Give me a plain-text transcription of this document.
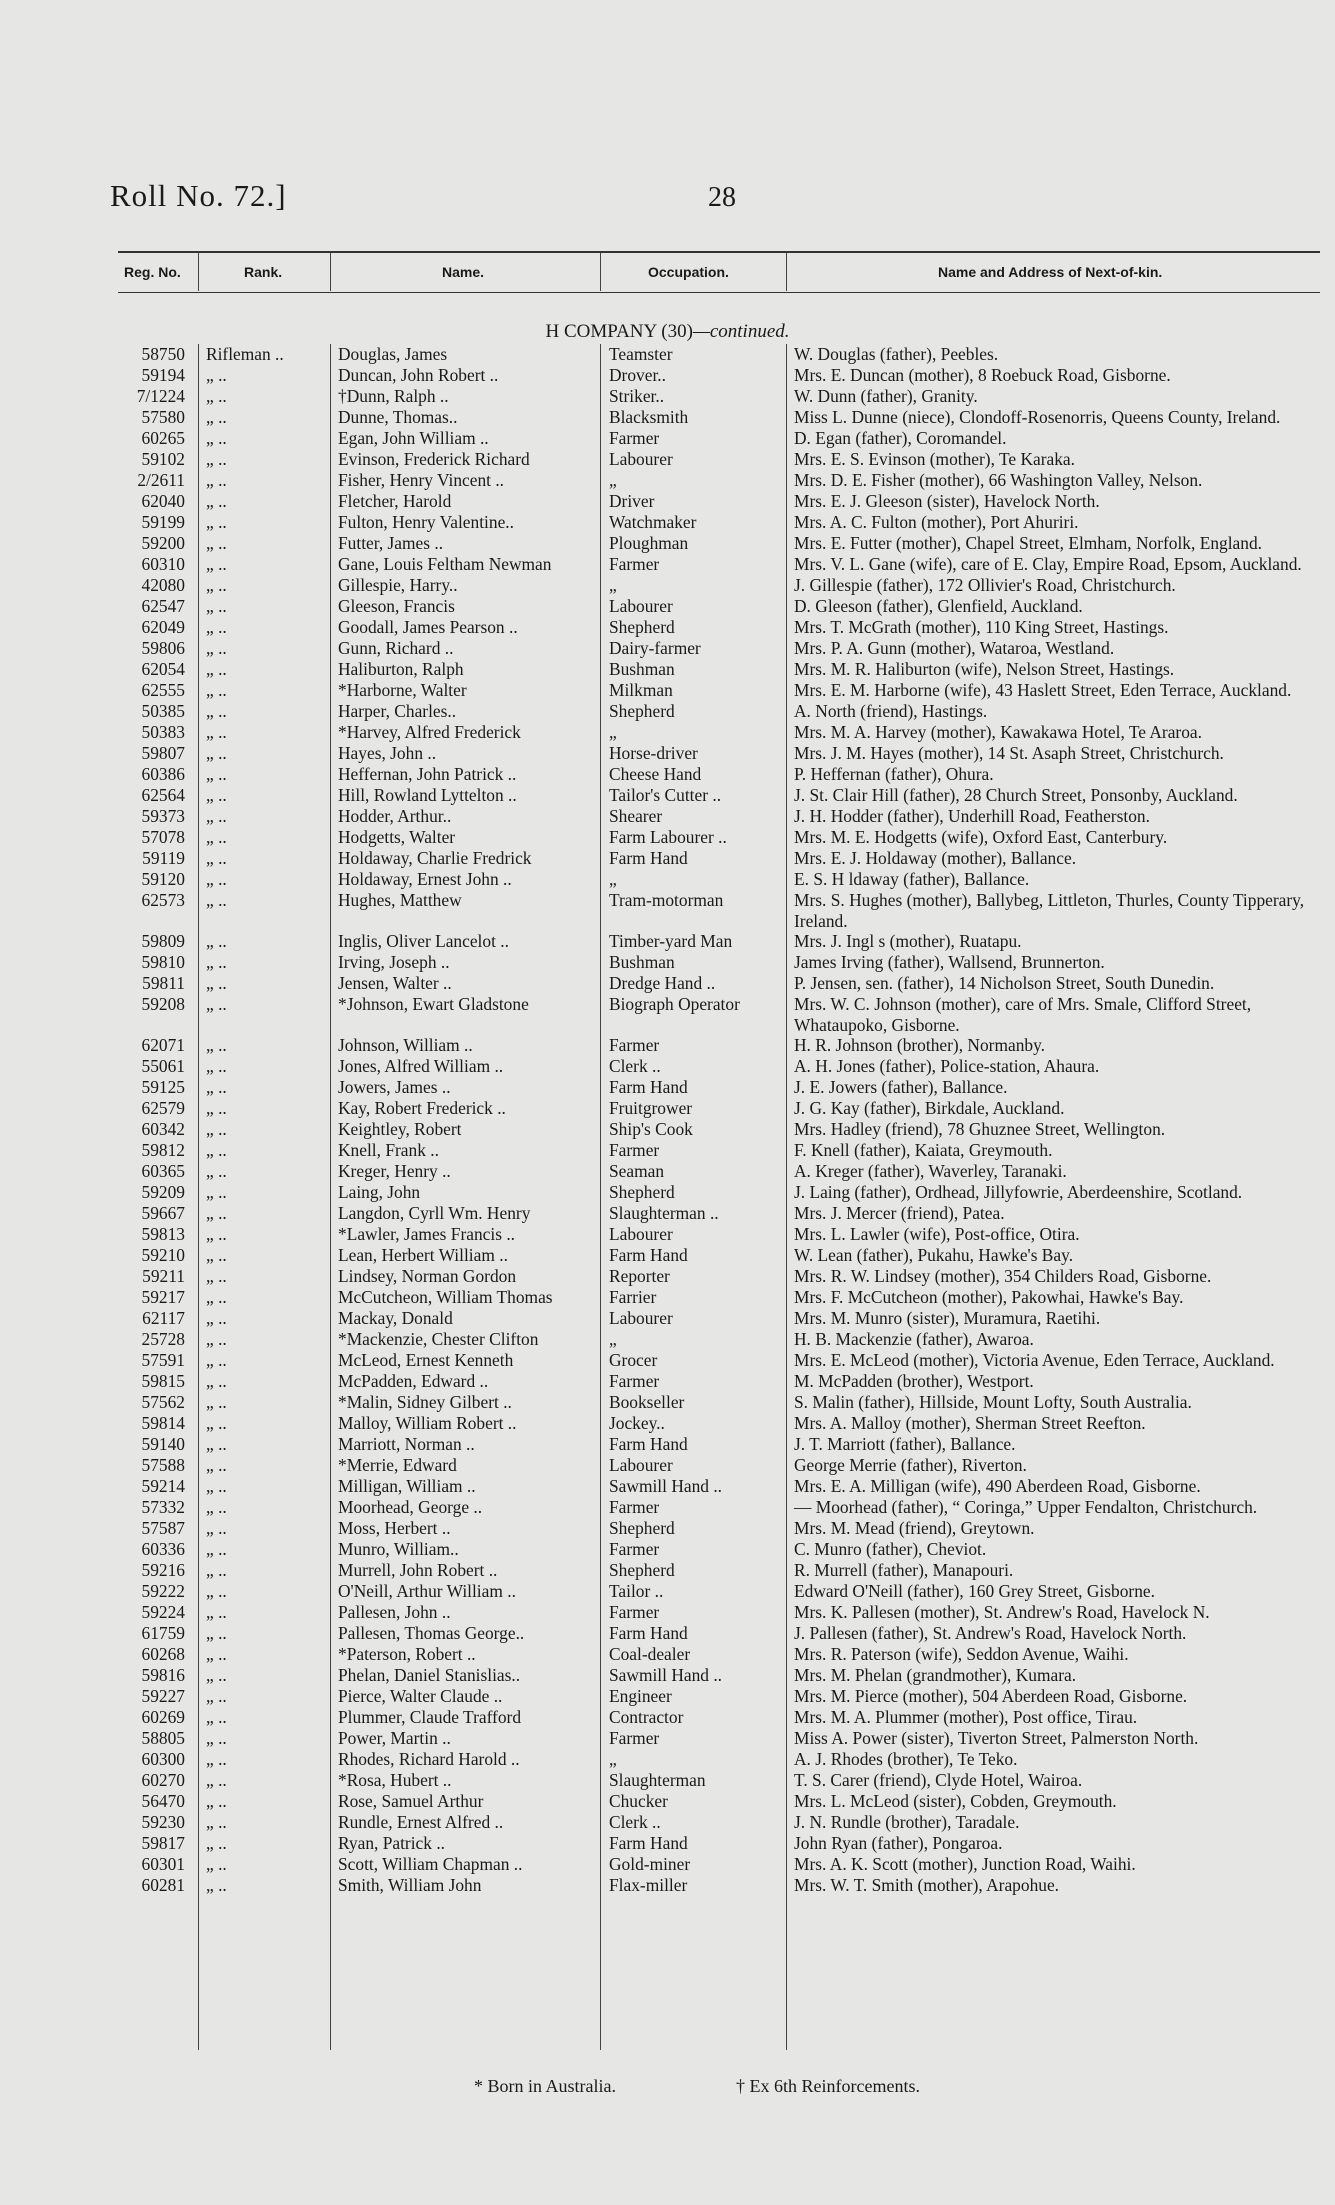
Roll No. 72.]	28
Reg. No.	Rank.	Name.	Occupation.	Name and Address of Next-of-kin.
H COMPANY (30)—continued.
58750 Rifleman ..	Douglas, James	Teamster	W. Douglas (father), Peebles.
59194 „ ..	Duncan, John Robert ..	Drover..	Mrs. E. Duncan (mother), 8 Roebuck Road, Gisborne.
7/1224 „ ..	†Dunn, Ralph ..	Striker..	W. Dunn (father), Granity.
57580 „ ..	Dunne, Thomas..	Blacksmith	Miss L. Dunne (niece), Clondoff-Rosenorris, Queens County, Ireland.
60265 „ ..	Egan, John William ..	Farmer	D. Egan (father), Coromandel.
59102 „ ..	Evinson, Frederick Richard	Labourer	Mrs. E. S. Evinson (mother), Te Karaka.
2/2611 „ ..	Fisher, Henry Vincent ..	„	Mrs. D. E. Fisher (mother), 66 Washington Valley, Nelson.
62040 „ ..	Fletcher, Harold	Driver	Mrs. E. J. Gleeson (sister), Havelock North.
59199 „ ..	Fulton, Henry Valentine..	Watchmaker	Mrs. A. C. Fulton (mother), Port Ahuriri.
59200 „ ..	Futter, James ..	Ploughman	Mrs. E. Futter (mother), Chapel Street, Elmham, Norfolk, England.
60310 „ ..	Gane, Louis Feltham Newman	Farmer	Mrs. V. L. Gane (wife), care of E. Clay, Empire Road, Epsom, Auckland.
42080 „ ..	Gillespie, Harry..	„	J. Gillespie (father), 172 Ollivier's Road, Christchurch.
62547 „ ..	Gleeson, Francis	Labourer	D. Gleeson (father), Glenfield, Auckland.
62049 „ ..	Goodall, James Pearson ..	Shepherd	Mrs. T. McGrath (mother), 110 King Street, Hastings.
59806 „ ..	Gunn, Richard ..	Dairy-farmer	Mrs. P. A. Gunn (mother), Wataroa, Westland.
62054 „ ..	Haliburton, Ralph	Bushman	Mrs. M. R. Haliburton (wife), Nelson Street, Hastings.
62555 „ ..	*Harborne, Walter	Milkman	Mrs. E. M. Harborne (wife), 43 Haslett Street, Eden Terrace, Auckland.
50385 „ ..	Harper, Charles..	Shepherd	A. North (friend), Hastings.
50383 „ ..	*Harvey, Alfred Frederick	„	Mrs. M. A. Harvey (mother), Kawakawa Hotel, Te Araroa.
59807 „ ..	Hayes, John ..	Horse-driver	Mrs. J. M. Hayes (mother), 14 St. Asaph Street, Christchurch.
60386 „ ..	Heffernan, John Patrick ..	Cheese Hand	P. Heffernan (father), Ohura.
62564 „ ..	Hill, Rowland Lyttelton ..	Tailor's Cutter ..	J. St. Clair Hill (father), 28 Church Street, Ponsonby, Auckland.
59373 „ ..	Hodder, Arthur..	Shearer	J. H. Hodder (father), Underhill Road, Featherston.
57078 „ ..	Hodgetts, Walter	Farm Labourer ..	Mrs. M. E. Hodgetts (wife), Oxford East, Canterbury.
59119 „ ..	Holdaway, Charlie Fredrick	Farm Hand	Mrs. E. J. Holdaway (mother), Ballance.
59120 „ ..	Holdaway, Ernest John ..	„	E. S. H ldaway (father), Ballance.
62573 „ ..	Hughes, Matthew	Tram-motorman	Mrs. S. Hughes (mother), Ballybeg, Littleton, Thurles, County Tipperary, Ireland.
59809 „ ..	Inglis, Oliver Lancelot ..	Timber-yard Man	Mrs. J. Ingl s (mother), Ruatapu.
59810 „ ..	Irving, Joseph ..	Bushman	James Irving (father), Wallsend, Brunnerton.
59811 „ ..	Jensen, Walter ..	Dredge Hand ..	P. Jensen, sen. (father), 14 Nicholson Street, South Dunedin.
59208 „ ..	*Johnson, Ewart Gladstone	Biograph Operator	Mrs. W. C. Johnson (mother), care of Mrs. Smale, Clifford Street, Whataupoko, Gisborne.
62071 „ ..	Johnson, William ..	Farmer	H. R. Johnson (brother), Normanby.
55061 „ ..	Jones, Alfred William ..	Clerk ..	A. H. Jones (father), Police-station, Ahaura.
59125 „ ..	Jowers, James ..	Farm Hand	J. E. Jowers (father), Ballance.
62579 „ ..	Kay, Robert Frederick ..	Fruitgrower	J. G. Kay (father), Birkdale, Auckland.
60342 „ ..	Keightley, Robert	Ship's Cook	Mrs. Hadley (friend), 78 Ghuznee Street, Wellington.
59812 „ ..	Knell, Frank ..	Farmer	F. Knell (father), Kaiata, Greymouth.
60365 „ ..	Kreger, Henry ..	Seaman	A. Kreger (father), Waverley, Taranaki.
59209 „ ..	Laing, John	Shepherd	J. Laing (father), Ordhead, Jillyfowrie, Aberdeenshire, Scotland.
59667 „ ..	Langdon, Cyrll Wm. Henry	Slaughterman ..	Mrs. J. Mercer (friend), Patea.
59813 „ ..	*Lawler, James Francis ..	Labourer	Mrs. L. Lawler (wife), Post-office, Otira.
59210 „ ..	Lean, Herbert William ..	Farm Hand	W. Lean (father), Pukahu, Hawke's Bay.
59211 „ ..	Lindsey, Norman Gordon	Reporter	Mrs. R. W. Lindsey (mother), 354 Childers Road, Gisborne.
59217 „ ..	McCutcheon, William Thomas	Farrier	Mrs. F. McCutcheon (mother), Pakowhai, Hawke's Bay.
62117 „ ..	Mackay, Donald	Labourer	Mrs. M. Munro (sister), Muramura, Raetihi.
25728 „ ..	*Mackenzie, Chester Clifton	„	H. B. Mackenzie (father), Awaroa.
57591 „ ..	McLeod, Ernest Kenneth	Grocer	Mrs. E. McLeod (mother), Victoria Avenue, Eden Terrace, Auckland.
59815 „ ..	McPadden, Edward ..	Farmer	M. McPadden (brother), Westport.
57562 „ ..	*Malin, Sidney Gilbert ..	Bookseller	S. Malin (father), Hillside, Mount Lofty, South Australia.
59814 „ ..	Malloy, William Robert ..	Jockey..	Mrs. A. Malloy (mother), Sherman Street Reefton.
59140 „ ..	Marriott, Norman ..	Farm Hand	J. T. Marriott (father), Ballance.
57588 „ ..	*Merrie, Edward	Labourer	George Merrie (father), Riverton.
59214 „ ..	Milligan, William ..	Sawmill Hand ..	Mrs. E. A. Milligan (wife), 490 Aberdeen Road, Gisborne.
57332 „ ..	Moorhead, George ..	Farmer	— Moorhead (father), “ Coringa,” Upper Fendalton, Christchurch.
57587 „ ..	Moss, Herbert ..	Shepherd	Mrs. M. Mead (friend), Greytown.
60336 „ ..	Munro, William..	Farmer	C. Munro (father), Cheviot.
59216 „ ..	Murrell, John Robert ..	Shepherd	R. Murrell (father), Manapouri.
59222 „ ..	O'Neill, Arthur William ..	Tailor ..	Edward O'Neill (father), 160 Grey Street, Gisborne.
59224 „ ..	Pallesen, John ..	Farmer	Mrs. K. Pallesen (mother), St. Andrew's Road, Havelock N.
61759 „ ..	Pallesen, Thomas George..	Farm Hand	J. Pallesen (father), St. Andrew's Road, Havelock North.
60268 „ ..	*Paterson, Robert ..	Coal-dealer	Mrs. R. Paterson (wife), Seddon Avenue, Waihi.
59816 „ ..	Phelan, Daniel Stanislias..	Sawmill Hand ..	Mrs. M. Phelan (grandmother), Kumara.
59227 „ ..	Pierce, Walter Claude ..	Engineer	Mrs. M. Pierce (mother), 504 Aberdeen Road, Gisborne.
60269 „ ..	Plummer, Claude Trafford	Contractor	Mrs. M. A. Plummer (mother), Post office, Tirau.
58805 „ ..	Power, Martin ..	Farmer	Miss A. Power (sister), Tiverton Street, Palmerston North.
60300 „ ..	Rhodes, Richard Harold ..	„	A. J. Rhodes (brother), Te Teko.
60270 „ ..	*Rosa, Hubert ..	Slaughterman	T. S. Carer (friend), Clyde Hotel, Wairoa.
56470 „ ..	Rose, Samuel Arthur	Chucker	Mrs. L. McLeod (sister), Cobden, Greymouth.
59230 „ ..	Rundle, Ernest Alfred ..	Clerk ..	J. N. Rundle (brother), Taradale.
59817 „ ..	Ryan, Patrick ..	Farm Hand	John Ryan (father), Pongaroa.
60301 „ ..	Scott, William Chapman ..	Gold-miner	Mrs. A. K. Scott (mother), Junction Road, Waihi.
60281 „ ..	Smith, William John	Flax-miller	Mrs. W. T. Smith (mother), Arapohue.
* Born in Australia.	† Ex 6th Reinforcements.
